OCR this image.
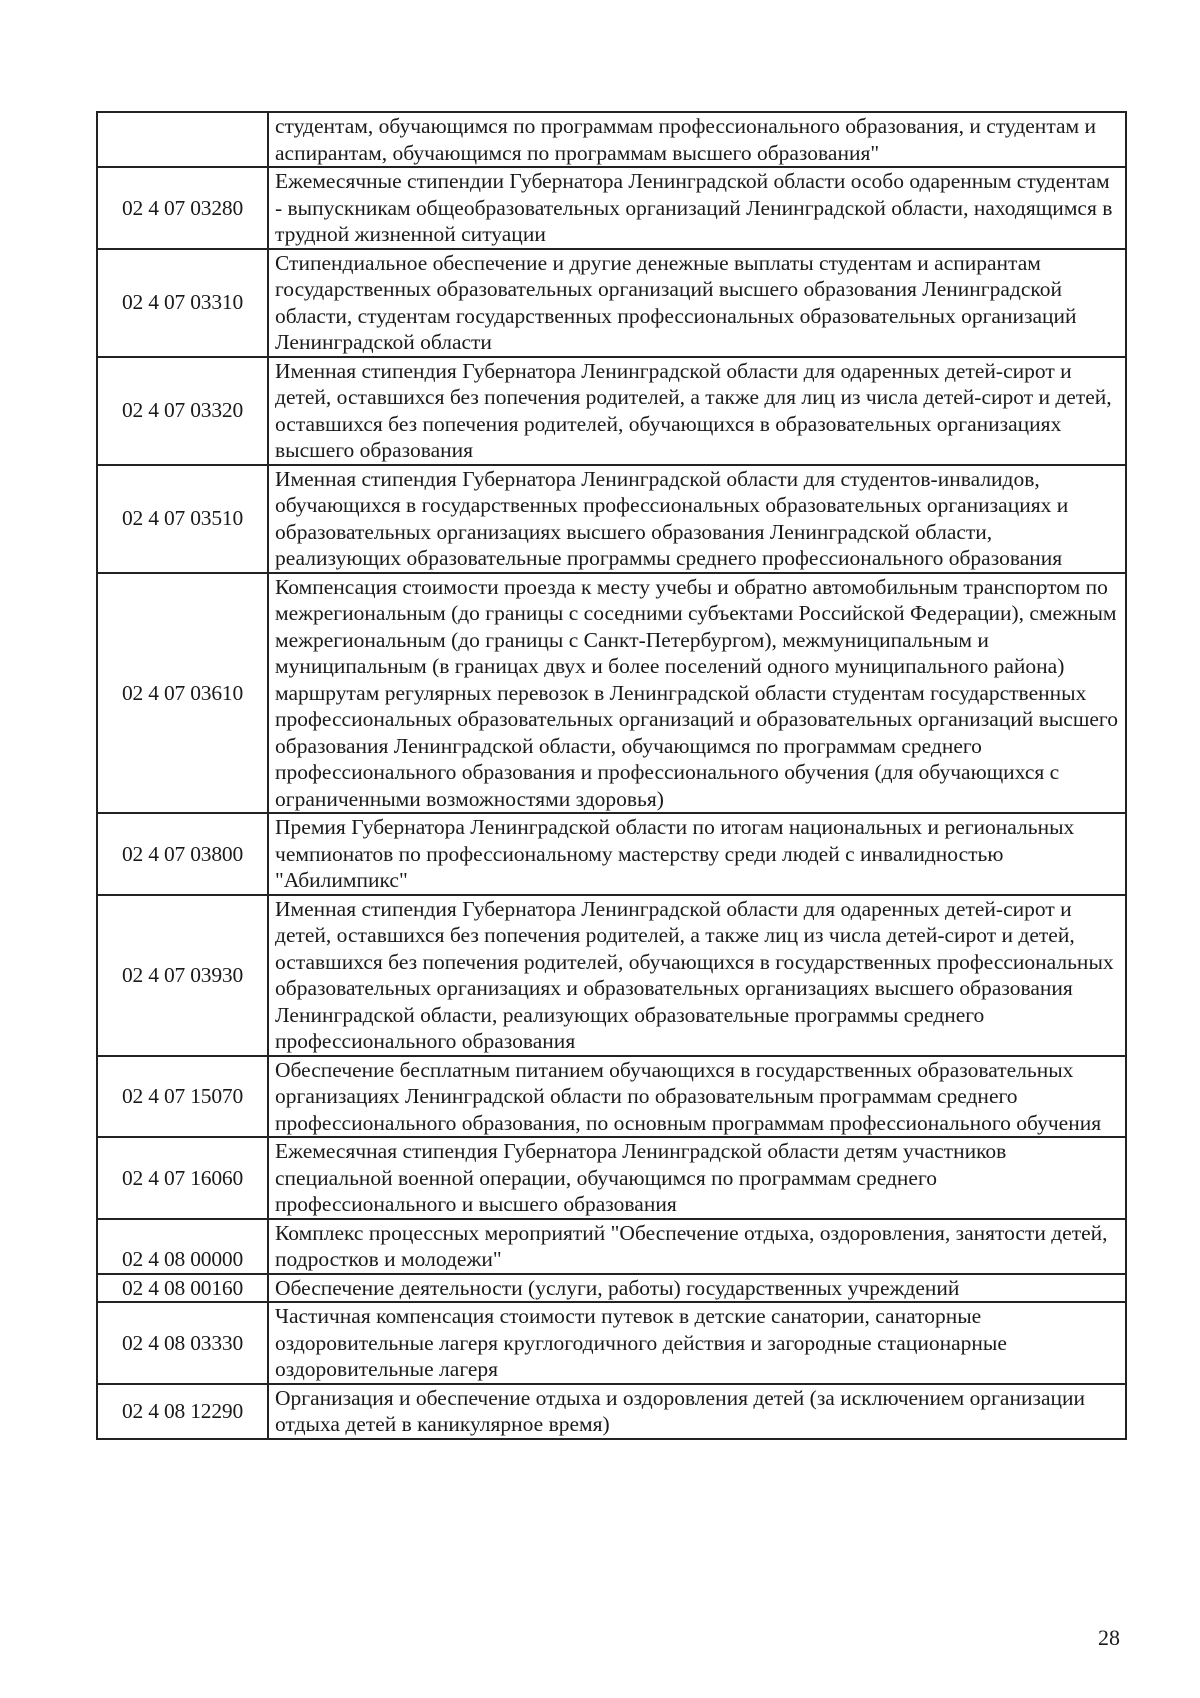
	студентам, обучающимся по программам профессионального образования, и студентам и аспирантам, обучающимся по программам высшего образования"
02 4 07 03280	Ежемесячные стипендии Губернатора Ленинградской области особо одаренным студентам - выпускникам общеобразовательных организаций Ленинградской области, находящимся в трудной жизненной ситуации
02 4 07 03310	Стипендиальное обеспечение и другие денежные выплаты студентам и аспирантам государственных образовательных организаций высшего образования Ленинградской области, студентам государственных профессиональных образовательных организаций Ленинградской области
02 4 07 03320	Именная стипендия Губернатора Ленинградской области для одаренных детей-сирот и детей, оставшихся без попечения родителей, а также для лиц из числа детей-сирот и детей, оставшихся без попечения родителей, обучающихся в образовательных организациях высшего образования
02 4 07 03510	Именная стипендия Губернатора Ленинградской области для студентов-инвалидов, обучающихся в государственных профессиональных образовательных организациях и образовательных организациях высшего образования Ленинградской области, реализующих образовательные программы среднего профессионального образования
02 4 07 03610	Компенсация стоимости проезда к месту учебы и обратно автомобильным транспортом по межрегиональным (до границы с соседними субъектами Российской Федерации), смежным межрегиональным (до границы с Санкт-Петербургом), межмуниципальным и муниципальным (в границах двух и более поселений одного муниципального района) маршрутам регулярных перевозок в Ленинградской области студентам государственных профессиональных образовательных организаций и образовательных организаций высшего образования Ленинградской области, обучающимся по программам среднего профессионального образования и профессионального обучения (для обучающихся с ограниченными возможностями здоровья)
02 4 07 03800	Премия Губернатора Ленинградской области по итогам национальных и региональных чемпионатов по профессиональному мастерству среди людей с инвалидностью "Абилимпикс"
02 4 07 03930	Именная стипендия Губернатора Ленинградской области для одаренных детей-сирот и детей, оставшихся без попечения родителей, а также лиц из числа детей-сирот и детей, оставшихся без попечения родителей, обучающихся в государственных профессиональных образовательных организациях и образовательных организациях высшего образования Ленинградской области, реализующих образовательные программы среднего профессионального образования
02 4 07 15070	Обеспечение бесплатным питанием обучающихся в государственных образовательных организациях Ленинградской области по образовательным программам среднего профессионального образования, по основным программам профессионального обучения
02 4 07 16060	Ежемесячная стипендия Губернатора Ленинградской области детям участников специальной военной операции, обучающимся по программам среднего профессионального и высшего образования
02 4 08 00000	Комплекс процессных мероприятий "Обеспечение отдыха, оздоровления, занятости детей, подростков и молодежи"
02 4 08 00160	Обеспечение деятельности (услуги, работы) государственных учреждений
02 4 08 03330	Частичная компенсация стоимости путевок в детские санатории, санаторные оздоровительные лагеря круглогодичного действия и загородные стационарные оздоровительные лагеря
02 4 08 12290	Организация и обеспечение отдыха и оздоровления детей (за исключением организации отдыха детей в каникулярное время)
28
